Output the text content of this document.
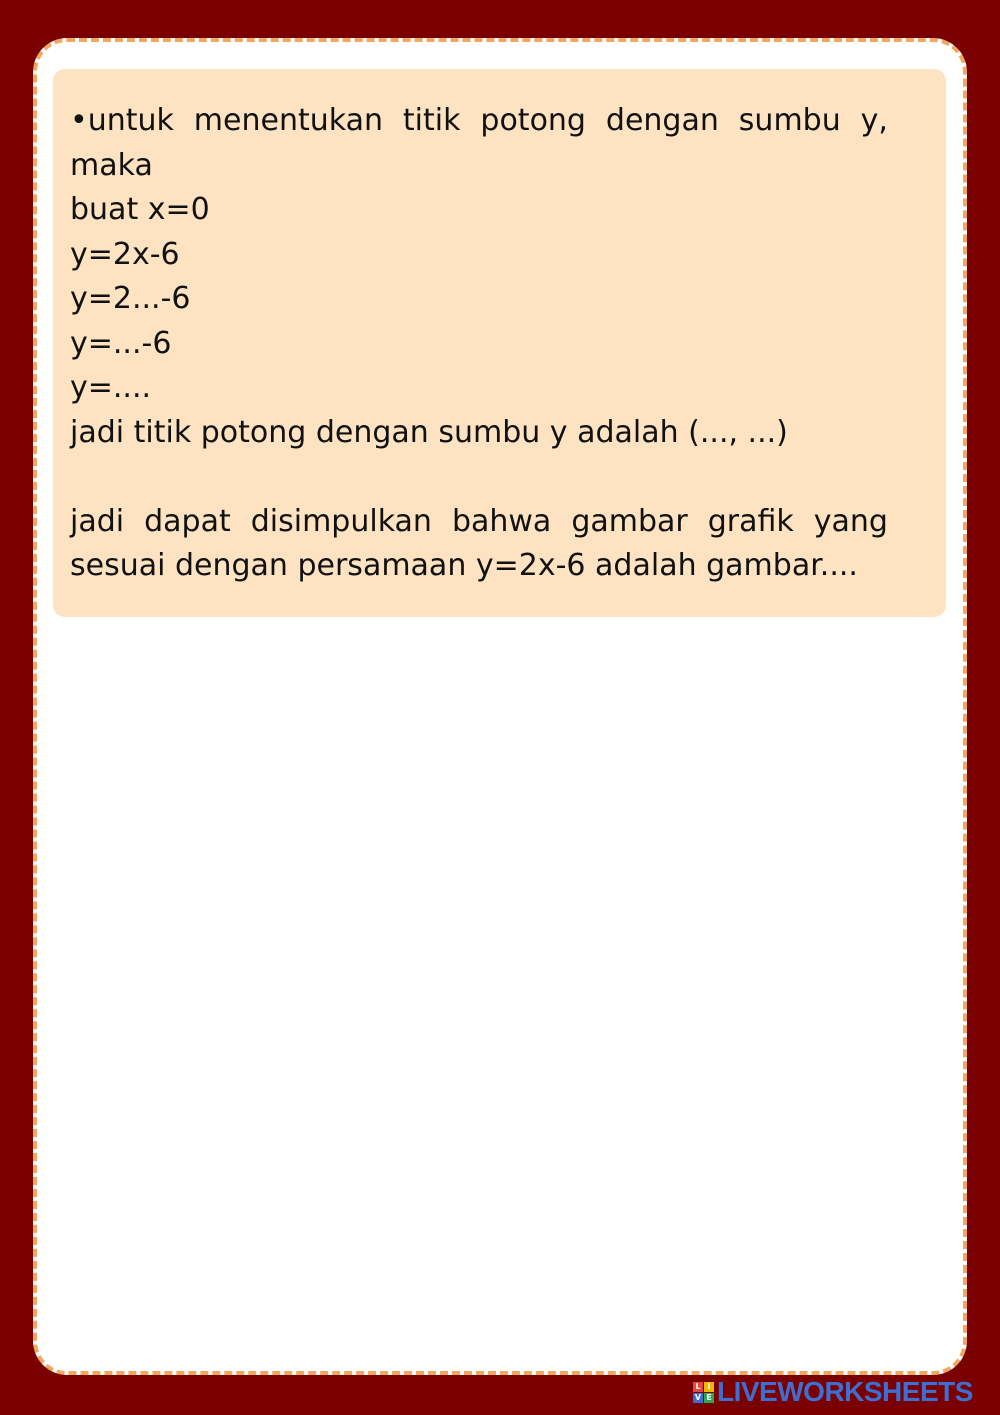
•untuk menentukan titik potong dengan sumbu y,
maka
buat x=0
y=2x-6
y=2...-6
y=...-6
y=....
jadi titik potong dengan sumbu y adalah (..., ...)
jadi dapat disimpulkan bahwa gambar grafik yang
sesuai dengan persamaan y=2x-6 adalah gambar....
L I
V E LIVEWORKSHEETS
